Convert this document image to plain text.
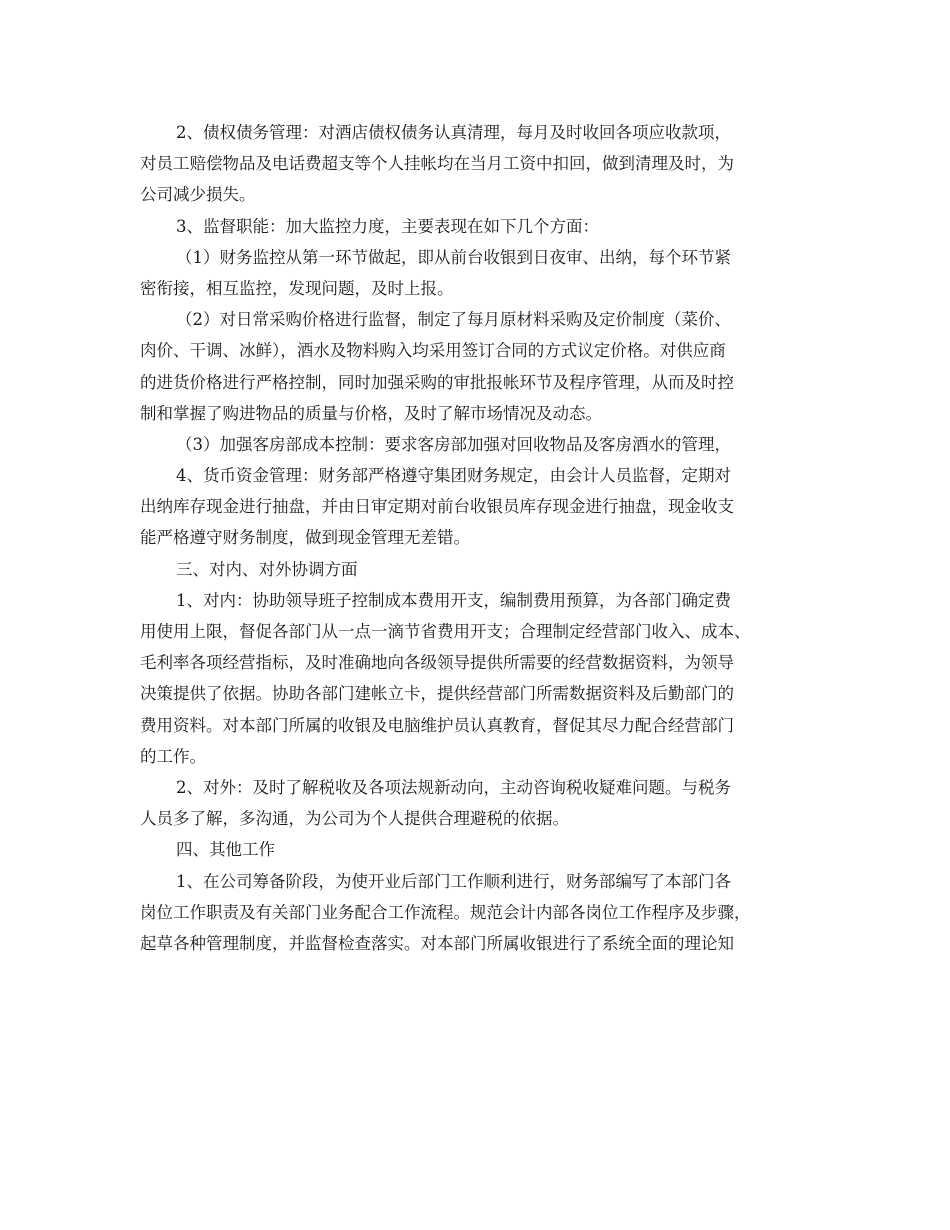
2、债权债务管理：对酒店债权债务认真清理，每月及时收回各项应收款项，
对员工赔偿物品及电话费超支等个人挂帐均在当月工资中扣回，做到清理及时，为
公司减少损失。
3、监督职能：加大监控力度，主要表现在如下几个方面：
（1）财务监控从第一环节做起，即从前台收银到日夜审、出纳，每个环节紧
密衔接，相互监控，发现问题，及时上报。
（2）对日常采购价格进行监督，制定了每月原材料采购及定价制度（菜价、
肉价、干调、冰鲜），酒水及物料购入均采用签订合同的方式议定价格。对供应商
的进货价格进行严格控制，同时加强采购的审批报帐环节及程序管理，从而及时控
制和掌握了购进物品的质量与价格，及时了解市场情况及动态。
（3）加强客房部成本控制：要求客房部加强对回收物品及客房酒水的管理，
4、货币资金管理：财务部严格遵守集团财务规定，由会计人员监督，定期对
出纳库存现金进行抽盘，并由日审定期对前台收银员库存现金进行抽盘，现金收支
能严格遵守财务制度，做到现金管理无差错。
三、对内、对外协调方面
1、对内：协助领导班子控制成本费用开支，编制费用预算，为各部门确定费
用使用上限，督促各部门从一点一滴节省费用开支；合理制定经营部门收入、成本、
毛利率各项经营指标，及时准确地向各级领导提供所需要的经营数据资料，为领导
决策提供了依据。协助各部门建帐立卡，提供经营部门所需数据资料及后勤部门的
费用资料。对本部门所属的收银及电脑维护员认真教育，督促其尽力配合经营部门
的工作。
2、对外：及时了解税收及各项法规新动向，主动咨询税收疑难问题。与税务
人员多了解，多沟通，为公司为个人提供合理避税的依据。
四、其他工作
1、在公司筹备阶段，为使开业后部门工作顺利进行，财务部编写了本部门各
岗位工作职责及有关部门业务配合工作流程。规范会计内部各岗位工作程序及步骤，
起草各种管理制度，并监督检查落实。对本部门所属收银进行了系统全面的理论知
